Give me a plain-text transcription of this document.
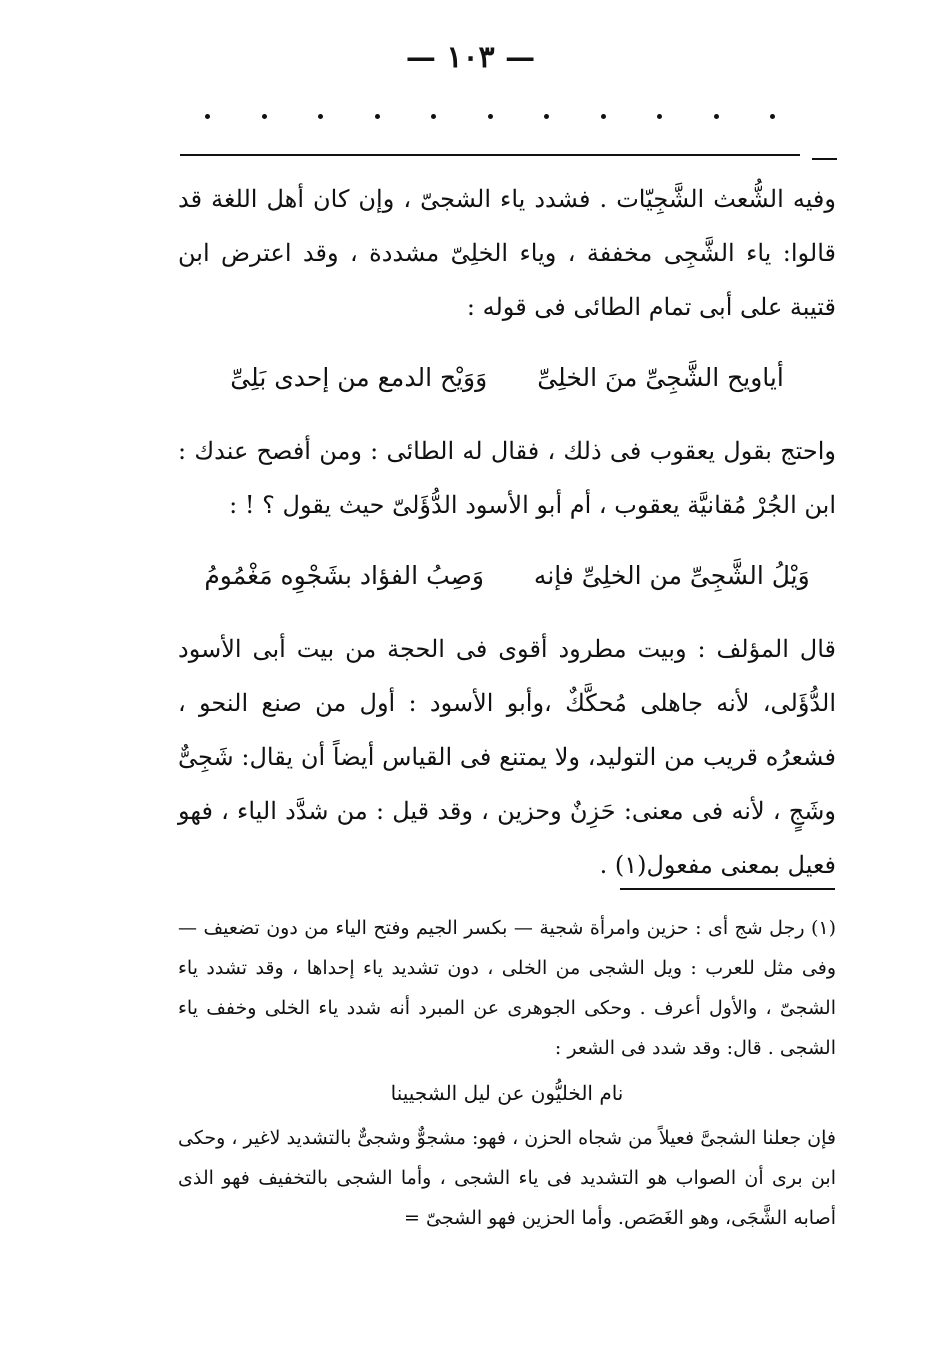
— ١٠٣ —

وفيه الشُّعث الشَّجِيّات . فشدد ياء الشجىّ ، وإن كان أهل اللغة قد قالوا: ياء الشَّجِى مخففة ، وياء الخلِىّ مشددة ، وقد اعترض ابن قتيبة على أبى تمام الطائى فى قوله :

أياويح الشَّجِىِّ منَ الخلِىِّ
وَوَيْح الدمع من إحدى بَلِىِّ

واحتج بقول يعقوب فى ذلك ، فقال له الطائى : ومن أفصح عندك : ابن الجُرْ مُقانيَّة يعقوب ، أم أبو الأسود الدُّؤَلىّ حيث يقول ؟ ! :

وَيْلُ الشَّجِىِّ من الخلِىِّ فإنه
وَصِبُ الفؤاد بشَجْوِه مَغْمُومُ

قال المؤلف : وبيت مطرود أقوى فى الحجة من بيت أبى الأسود الدُّؤَلى، لأنه جاهلى مُحكَّكٌ ،وأبو الأسود : أول من صنع النحو ، فشعرُه قريب من التوليد، ولا يمتنع فى القياس أيضاً أن يقال: شَجِىٌّ وشَجٍ ، لأنه فى معنى: حَزِنٌ وحزين ، وقد قيل : من شدَّد الياء ، فهو فعيل بمعنى مفعول(١) .

(١) رجل شج أى : حزين وامرأة شجية — بكسر الجيم وفتح الياء من دون تضعيف — وفى مثل للعرب : ويل الشجى من الخلى ، دون تشديد ياء إحداها ، وقد تشدد ياء الشجىّ ، والأول أعرف . وحكى الجوهرى عن المبرد أنه شدد ياء الخلى وخفف ياء الشجى . قال: وقد شدد فى الشعر :

نام الخليُّون عن ليل الشجيينا

فإن جعلنا الشجىَّ فعيلاً من شجاه الحزن ، فهو: مشجوٌّ وشجىٌّ بالتشديد لاغير ، وحكى ابن برى أن الصواب هو التشديد فى ياء الشجى ، وأما الشجى بالتخفيف فهو الذى أصابه الشَّجَى، وهو الغَصَص. وأما الحزين فهو الشجىّ =
